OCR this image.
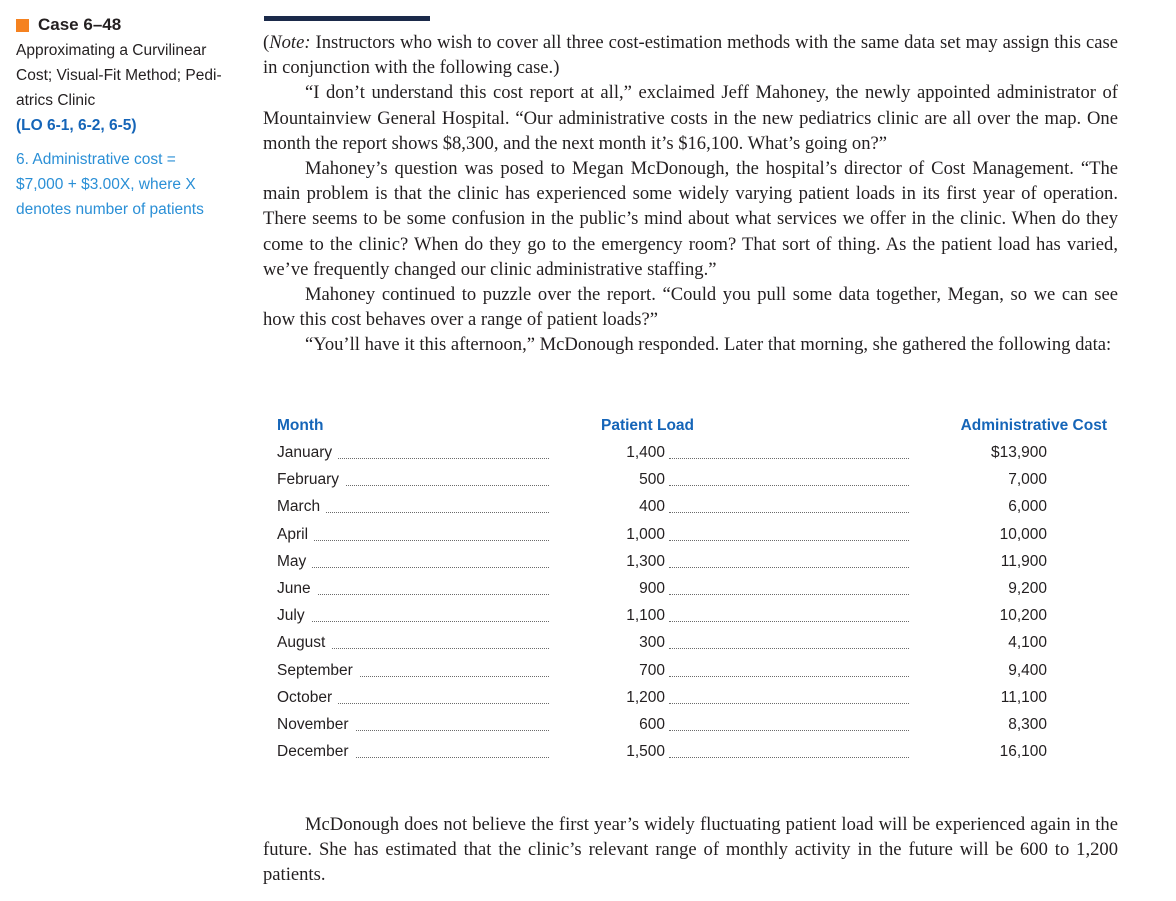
Case 6–48
Approximating a Curvilinear
Cost; Visual-Fit Method; Pedi-
atrics Clinic
(LO 6-1, 6-2, 6-5)
6. Administrative cost =
$7,000 + $3.00X, where X
denotes number of patients

(Note: Instructors who wish to cover all three cost-estimation methods with the same data set may assign this case in conjunction with the following case.)

“I don’t understand this cost report at all,” exclaimed Jeff Mahoney, the newly appointed administrator of Mountainview General Hospital. “Our administrative costs in the new pediatrics clinic are all over the map. One month the report shows $8,300, and the next month it’s $16,100. What’s going on?”

Mahoney’s question was posed to Megan McDonough, the hospital’s director of Cost Management. “The main problem is that the clinic has experienced some widely varying patient loads in its first year of operation. There seems to be some confusion in the public’s mind about what services we offer in the clinic. When do they come to the clinic? When do they go to the emergency room? That sort of thing. As the patient load has varied, we’ve frequently changed our clinic administrative staffing.”

Mahoney continued to puzzle over the report. “Could you pull some data together, Megan, so we can see how this cost behaves over a range of patient loads?”

“You’ll have it this afternoon,” McDonough responded. Later that morning, she gathered the following data:

Month	Patient Load	Administrative Cost
January	1,400	$13,900
February	500	7,000
March	400	6,000
April	1,000	10,000
May	1,300	11,900
June	900	9,200
July	1,100	10,200
August	300	4,100
September	700	9,400
October	1,200	11,100
November	600	8,300
December	1,500	16,100

McDonough does not believe the first year’s widely fluctuating patient load will be experienced again in the future. She has estimated that the clinic’s relevant range of monthly activity in the future will be 600 to 1,200 patients.
